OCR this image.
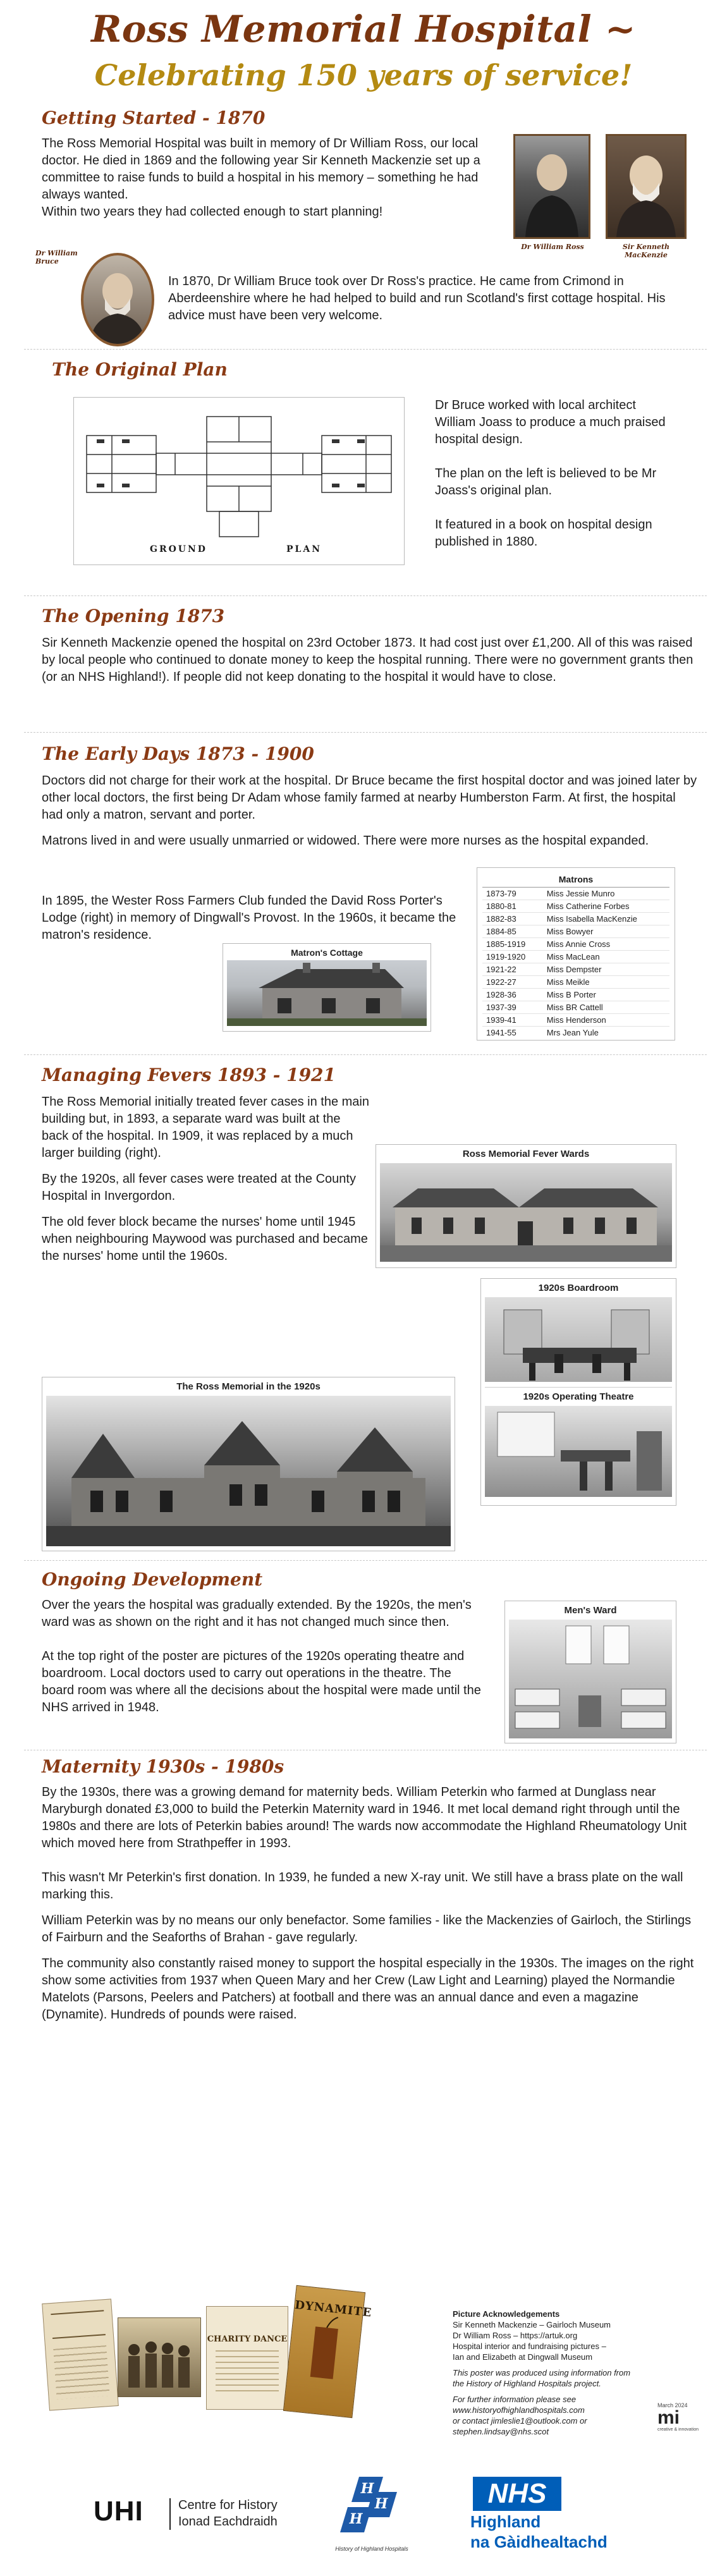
Ross Memorial Hospital ~
Celebrating 150 years of service!
Getting Started - 1870

The Ross Memorial Hospital was built in memory of Dr William Ross, our local doctor. He died in 1869 and the following year Sir Kenneth Mackenzie set up a committee to raise funds to build a hospital in his memory – something he had always wanted.

Within two years they had collected enough to start planning!

Dr William Ross	Sir Kenneth MacKenzie
Dr William Bruce
In 1870, Dr William Bruce took over Dr Ross's practice. He came from Crimond in Aberdeenshire where he had helped to build and run Scotland's first cottage hospital. His advice must have been very welcome.
The Original Plan
GROUND	PLAN

Dr Bruce worked with local architect William Joass to produce a much praised hospital design.

The plan on the left is believed to be Mr Joass's original plan.

It featured in a book on hospital design published in 1880.

The Opening 1873
Sir Kenneth Mackenzie opened the hospital on 23rd October 1873. It had cost just over £1,200. All of this was raised by local people who continued to donate money to keep the hospital running. There were no government grants then (or an NHS Highland!). If people did not keep donating to the hospital it would have to close.
The Early Days 1873 - 1900

Doctors did not charge for their work at the hospital. Dr Bruce became the first hospital doctor and was joined later by other local doctors, the first being Dr Adam whose family farmed at nearby Humberston Farm. At first, the hospital had only a matron, servant and porter.

Matrons lived in and were usually unmarried or widowed. There were more nurses as the hospital expanded.

In 1895, the Wester Ross Farmers Club funded the David Ross Porter's Lodge (right) in memory of Dingwall's Provost. In the 1960s, it became the matron's residence.
Matron's Cottage
Matrons	
1873-79	Miss Jessie Munro
1880-81	Miss Catherine Forbes
1882-83	Miss Isabella MacKenzie
1884-85	Miss Bowyer
1885-1919	Miss Annie Cross
1919-1920	Miss MacLean
1921-22	Miss Dempster
1922-27	Miss Meikle
1928-36	Miss B Porter
1937-39	Miss BR Cattell
1939-41	Miss Henderson
1941-55	Mrs Jean Yule
Managing Fevers 1893 - 1921

The Ross Memorial initially treated fever cases in the main building but, in 1893, a separate ward was built at the back of the hospital. In 1909, it was replaced by a much larger building (right).

By the 1920s, all fever cases were treated at the County Hospital in Invergordon.

The old fever block became the nurses' home until 1945 when neighbouring Maywood was purchased and became the nurses' home until the 1960s.

Ross Memorial Fever Wards
1920s Boardroom
1920s Operating Theatre
The Ross Memorial in the 1920s
Ongoing Development

Over the years the hospital was gradually extended. By the 1920s, the men's ward was as shown on the right and it has not changed much since then.

At the top right of the poster are pictures of the 1920s operating theatre and boardroom. Local doctors used to carry out operations in the theatre. The board room was where all the decisions about the hospital were made until the NHS arrived in 1948.

Men's Ward
Maternity 1930s - 1980s

By the 1930s, there was a growing demand for maternity beds. William Peterkin who farmed at Dunglass near Maryburgh donated £3,000 to build the Peterkin Maternity ward in 1946. It met local demand right through until the 1980s and there are lots of Peterkin babies around! The wards now accommodate the Highland Rheumatology Unit which moved here from Strathpeffer in 1993.

This wasn't Mr Peterkin's first donation. In 1939, he funded a new X-ray unit. We still have a brass plate on the wall marking this.

William Peterkin was by no means our only benefactor. Some families - like the Mackenzies of Gairloch, the Stirlings of Fairburn and the Seaforths of Brahan - gave regularly.

The community also constantly raised money to support the hospital especially in the 1930s. The images on the right show some activities from 1937 when Queen Mary and her Crew (Law Light and Learning) played the Normandie Matelots (Parsons, Peelers and Patchers) at football and there was an annual dance and even a magazine (Dynamite). Hundreds of pounds were raised.

CHARITY DANCE
DYNAMITE	Picture Acknowledgements
Sir Kenneth Mackenzie – Gairloch Museum
Dr William Ross – https://artuk.org
Hospital interior and fundraising pictures –
Ian and Elizabeth at Dingwall Museum
This poster was produced using information from the History of Highland Hospitals project.
For further information please see
www.historyofhighlandhospitals.com
or contact jimleslie1@outlook.com or
stephen.lindsay@nhs.scot
March 2024
mi
creative & innovation
UHI	Centre for History
Ionad Eachdraidh
H
H
H
History of Highland Hospitals
NHS
Highland
na Gàidhealtachd
